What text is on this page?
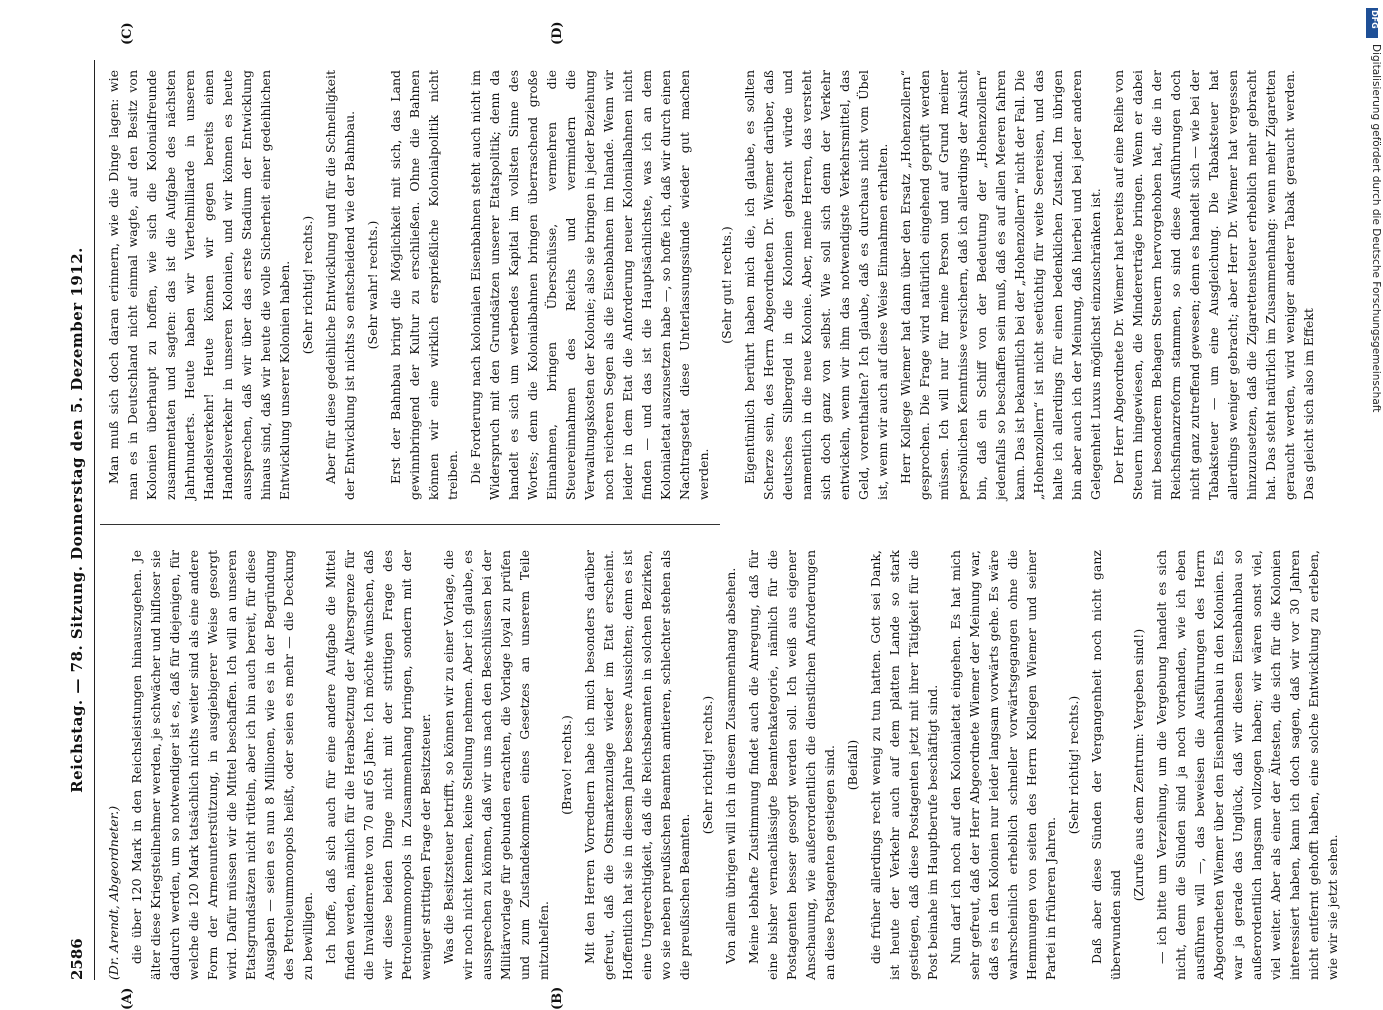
2586
Reichstag. — 78. Sitzung. Donnerstag den 5. Dezember 1912.
(A)	(B)
(C)	(D)

(Dr. Arendt, Abgeordneter.) die über 120 Mark in den Reichsleistungen hinauszugehen. Je älter diese Kriegsteilnehmer werden, je schwächer und hilfloser sie dadurch werden, um so notwendiger ist es, daß für diejenigen, für welche die 120 Mark tatsächlich nichts weiter sind als eine andere Form der Armenunterstützung, in ausgiebigerer Weise gesorgt wird. Dafür müssen wir die Mittel beschaffen. Ich will an unseren Etatsgrundsätzen nicht rütteln, aber ich bin auch bereit, für diese Ausgaben — seien es nun 8 Millionen, wie es in der Begründung des Petroleummonopols heißt, oder seien es mehr — die Deckung zu bewilligen. Ich hoffe, daß sich auch für eine andere Aufgabe die Mittel finden werden, nämlich für die Herabsetzung der Altersgrenze für die Invalidenrente von 70 auf 65 Jahre. Ich möchte wünschen, daß wir diese beiden Dinge nicht mit der strittigen Frage des Petroleummonopols in Zusammenhang bringen, sondern mit der weniger strittigen Frage der Besitzsteuer. Was die Besitzsteuer betrifft, so können wir zu einer Vorlage, die wir noch nicht kennen, keine Stellung nehmen. Aber ich glaube, es aussprechen zu können, daß wir uns nach den Beschlüssen bei der Militärvorlage für gebunden erachten, die Vorlage loyal zu prüfen und zum Zustandekommen eines Gesetzes an unserem Teile mitzuhelfen.

(Bravo! rechts.) Mit den Herren Vorrednern habe ich mich besonders darüber gefreut, daß die Ostmarkenzulage wieder im Etat erscheint. Hoffentlich hat sie in diesem Jahre bessere Aussichten; denn es ist eine Ungerechtigkeit, daß die Reichsbeamten in solchen Bezirken, wo sie neben preußischen Beamten amtieren, schlechter stehen als die preußischen Beamten.

(Sehr richtig! rechts.) Von allem übrigen will ich in diesem Zusammenhang absehen. Meine lebhafte Zustimmung findet auch die Anregung, daß für eine bisher vernachlässigte Beamtenkategorie, nämlich für die Postagenten besser gesorgt werden soll. Ich weiß aus eigener Anschauung, wie außerordentlich die dienstlichen Anforderungen an diese Postagenten gestiegen sind. (Beifall) die früher allerdings recht wenig zu tun hatten. Gott sei Dank, ist heute der Verkehr auch auf dem platten Lande so stark gestiegen, daß diese Postagenten jetzt mit ihrer Tätigkeit für die Post beinahe im Hauptberufe beschäftigt sind. Nun darf ich noch auf den Kolonialetat eingehen. Es hat mich sehr gefreut, daß der Herr Abgeordnete Wiemer der Meinung war, daß es in den Kolonien nur leider langsam vorwärts gehe. Es wäre wahrscheinlich erheblich schneller vorwärtsgegangen ohne die Hemmungen von seiten des Herrn Kollegen Wiemer und seiner Partei in früheren Jahren.

(Sehr richtig! rechts.) Daß aber diese Sünden der Vergangenheit noch nicht ganz überwunden sind

(Zurufe aus dem Zentrum: Vergeben sind!) — ich bitte um Verzeihung, um die Vergebung handelt es sich nicht, denn die Sünden sind ja noch vorhanden, wie ich eben ausführen will —, das beweisen die Ausführungen des Herrn Abgeordneten Wiemer über den Eisenbahnbau in den Kolonien. Es war ja gerade das Unglück, daß wir diesen Eisenbahnbau so außerordentlich langsam vollzogen haben; wir wären sonst viel, viel weiter. Aber als einer der Ältesten, die sich für die Kolonien interessiert haben, kann ich doch sagen, daß wir vor 30 Jahren nicht entfernt gehofft haben, eine solche Entwicklung zu erleben, wie wir sie jetzt sehen.

Man muß sich doch daran erinnern, wie die Dinge lagen: wie man es in Deutschland nicht einmal wagte, auf den Besitz von Kolonien überhaupt zu hoffen, wie sich die Kolonialfreunde zusammentaten und sagten: das ist die Aufgabe des nächsten Jahrhunderts. Heute haben wir Viertelmilliarde in unseren Handelsverkehr! Heute können wir gegen bereits einen Handelsverkehr in unseren Kolonien, und wir können es heute aussprechen, daß wir über das erste Stadium der Entwicklung hinaus sind, daß wir heute die volle Sicherheit einer gedeihlichen Entwicklung unserer Kolonien haben. (Sehr richtig! rechts.) Aber für diese gedeihliche Entwicklung und für die Schnelligkeit der Entwicklung ist nichts so entscheidend wie der Bahnbau. (Sehr wahr! rechts.) Erst der Bahnbau bringt die Möglichkeit mit sich, das Land gewinnbringend der Kultur zu erschließen. Ohne die Bahnen können wir eine wirklich ersprießliche Kolonialpolitik nicht treiben. Die Forderung nach kolonialen Eisenbahnen steht auch nicht im Widerspruch mit den Grundsätzen unserer Etatspolitik; denn da handelt es sich um werbendes Kapital im vollsten Sinne des Wortes; denn die Kolonialbahnen bringen überraschend große Einnahmen, bringen Überschüsse, vermehren die Steuereinnahmen des Reichs und vermindern die Verwaltungskosten der Kolonie; also sie bringen in jeder Beziehung noch reicheren Segen als die Eisenbahnen im Inlande. Wenn wir leider in dem Etat die Anforderung neuer Kolonialbahnen nicht finden — und das ist die Hauptsächlichste, was ich an dem Kolonialetat auszusetzen habe —, so hoffe ich, daß wir durch einen Nachtragsetat diese Unterlassungssünde wieder gut machen werden.

(Sehr gut! rechts.) Eigentümlich berührt haben mich die, ich glaube, es sollten Scherze sein, des Herrn Abgeordneten Dr. Wiemer darüber, daß deutsches Silbergeld in die Kolonien gebracht würde und namentlich in die neue Kolonie. Aber, meine Herren, das versteht sich doch ganz von selbst. Wie soll sich denn der Verkehr entwickeln, wenn wir ihm das notwendigste Verkehrsmittel, das Geld, vorenthalten? Ich glaube, daß es durchaus nicht vom Übel ist, wenn wir auch auf diese Weise Einnahmen erhalten. Herr Kollege Wiemer hat dann über den Ersatz „Hohenzollern“ gesprochen. Die Frage wird natürlich eingehend geprüft werden müssen. Ich will nur für meine Person und auf Grund meiner persönlichen Kenntnisse versichern, daß ich allerdings der Ansicht bin, daß ein Schiff von der Bedeutung der „Hohenzollern“ jedenfalls so beschaffen sein muß, daß es auf allen Meeren fahren kann. Das ist bekanntlich bei der „Hohenzollern“ nicht der Fall. Die „Hohenzollern“ ist nicht seetüchtig für weite Seereisen, und das halte ich allerdings für einen bedenklichen Zustand. Im übrigen bin aber auch ich der Meinung, daß hierbei und bei jeder anderen Gelegenheit Luxus möglichst einzuschränken ist. Der Herr Abgeordnete Dr. Wiemer hat bereits auf eine Reihe von Steuern hingewiesen, die Mindererträge bringen. Wenn er dabei mit besonderem Behagen Steuern hervorgehoben hat, die in der Reichsfinanzreform stammen, so sind diese Ausführungen doch nicht ganz zutreffend gewesen; denn es handelt sich — wie bei der Tabaksteuer — um eine Ausgleichung. Die Tabaksteuer hat allerdings weniger gebracht; aber Herr Dr. Wiemer hat vergessen hinzuzusetzen, daß die Zigarettensteuer erheblich mehr gebracht hat. Das steht natürlich im Zusammenhang: wenn mehr Zigaretten geraucht werden, wird weniger anderer Tabak geraucht werden. Das gleicht sich also im Effekt

DFG
Digitalisierung gefördert durch die Deutsche Forschungsgemeinschaft
